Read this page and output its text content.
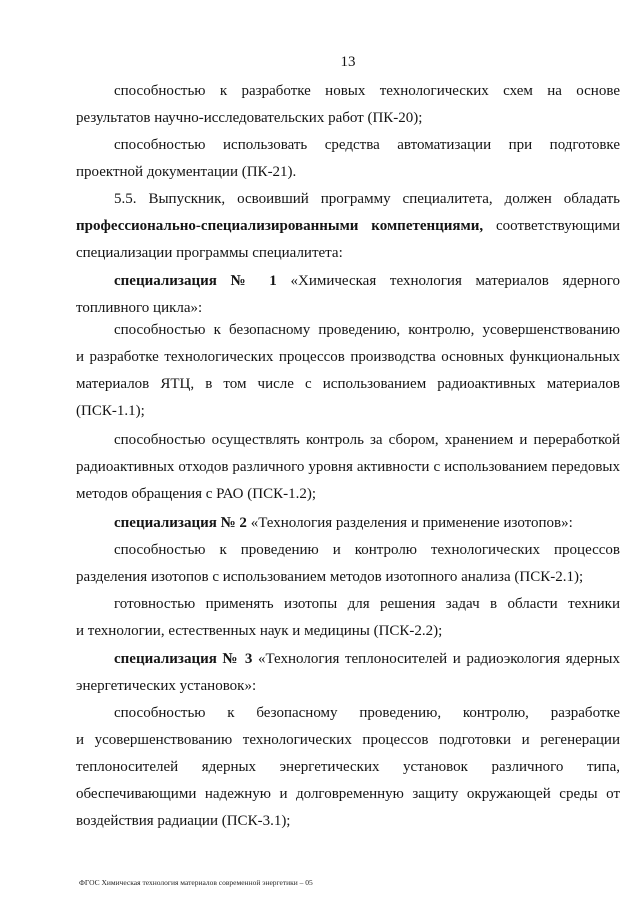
13
способностью к разработке новых технологических схем на основе
результатов научно-исследовательских работ (ПК-20);
способностью использовать средства автоматизации при подготовке
проектной документации (ПК-21).
5.5. Выпускник, освоивший программу специалитета, должен обладать
профессионально-специализированными компетенциями, соответствующими
специализации программы специалитета:
специализация № 1 «Химическая технология материалов ядерного
топливного цикла»:
способностью к безопасному проведению, контролю, усовершенствованию
и разработке технологических процессов производства основных функциональных
материалов ЯТЦ, в том числе с использованием радиоактивных материалов
(ПСК-1.1);
способностью осуществлять контроль за сбором, хранением и переработкой
радиоактивных отходов различного уровня активности с использованием передовых
методов обращения с РАО (ПСК-1.2);
специализация № 2 «Технология разделения и применение изотопов»:
способностью к проведению и контролю технологических процессов
разделения изотопов с использованием методов изотопного анализа (ПСК-2.1);
готовностью применять изотопы для решения задач в области техники
и технологии, естественных наук и медицины (ПСК-2.2);
специализация № 3 «Технология теплоносителей и радиоэкология ядерных
энергетических установок»:
способностью к безопасному проведению, контролю, разработке
и усовершенствованию технологических процессов подготовки и регенерации
теплоносителей ядерных энергетических установок различного типа,
обеспечивающими надежную и долговременную защиту окружающей среды от
воздействия радиации (ПСК-3.1);
ФГОС Химическая технология материалов современной энергетики – 05
